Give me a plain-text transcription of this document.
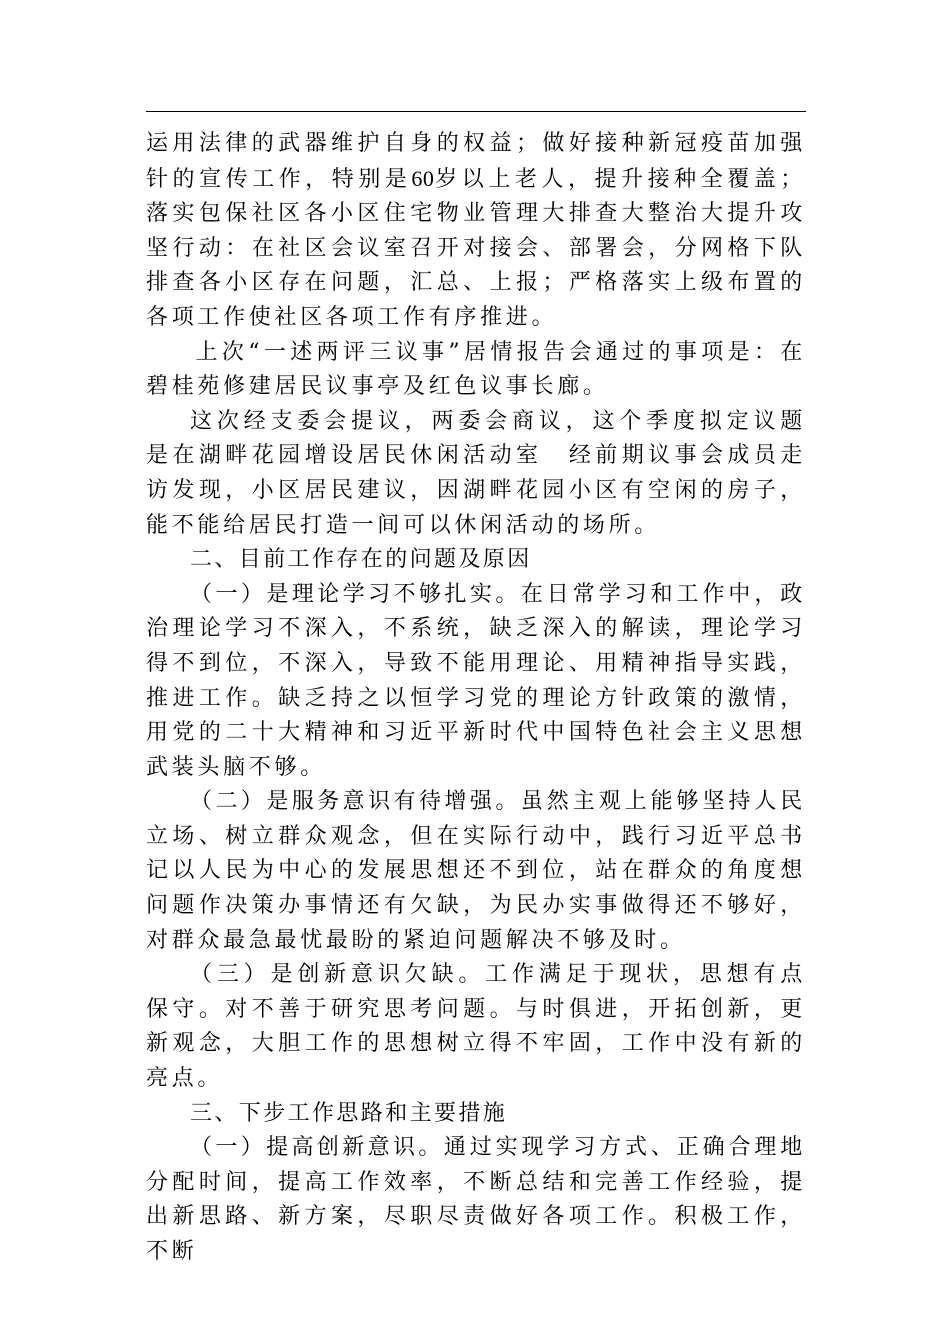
运用法律的武器维护自身的权益；做好接种新冠疫苗加强针的宣传工作，特别是60岁以上老人，提升接种全覆盖；落实包保社区各小区住宅物业管理大排查大整治大提升攻坚行动：在社区会议室召开对接会、部署会，分网格下队排查各小区存在问题，汇总、上报；严格落实上级布置的各项工作使社区各项工作有序推进。

上次“一述两评三议事”居情报告会通过的事项是：在碧桂苑修建居民议事亭及红色议事长廊。

这次经支委会提议，两委会商议，这个季度拟定议题是在湖畔花园增设居民休闲活动室　经前期议事会成员走访发现，小区居民建议，因湖畔花园小区有空闲的房子，能不能给居民打造一间可以休闲活动的场所。

二、目前工作存在的问题及原因

（一）是理论学习不够扎实。在日常学习和工作中，政治理论学习不深入，不系统，缺乏深入的解读，理论学习得不到位，不深入，导致不能用理论、用精神指导实践，推进工作。缺乏持之以恒学习党的理论方针政策的激情，用党的二十大精神和习近平新时代中国特色社会主义思想武装头脑不够。

（二）是服务意识有待增强。虽然主观上能够坚持人民立场、树立群众观念，但在实际行动中，践行习近平总书记以人民为中心的发展思想还不到位，站在群众的角度想问题作决策办事情还有欠缺，为民办实事做得还不够好，对群众最急最忧最盼的紧迫问题解决不够及时。

（三）是创新意识欠缺。工作满足于现状，思想有点保守。对不善于研究思考问题。与时俱进，开拓创新，更新观念，大胆工作的思想树立得不牢固，工作中没有新的亮点。

三、下步工作思路和主要措施

（一）提高创新意识。通过实现学习方式、正确合理地分配时间，提高工作效率，不断总结和完善工作经验，提出新思路、新方案，尽职尽责做好各项工作。积极工作，不断
